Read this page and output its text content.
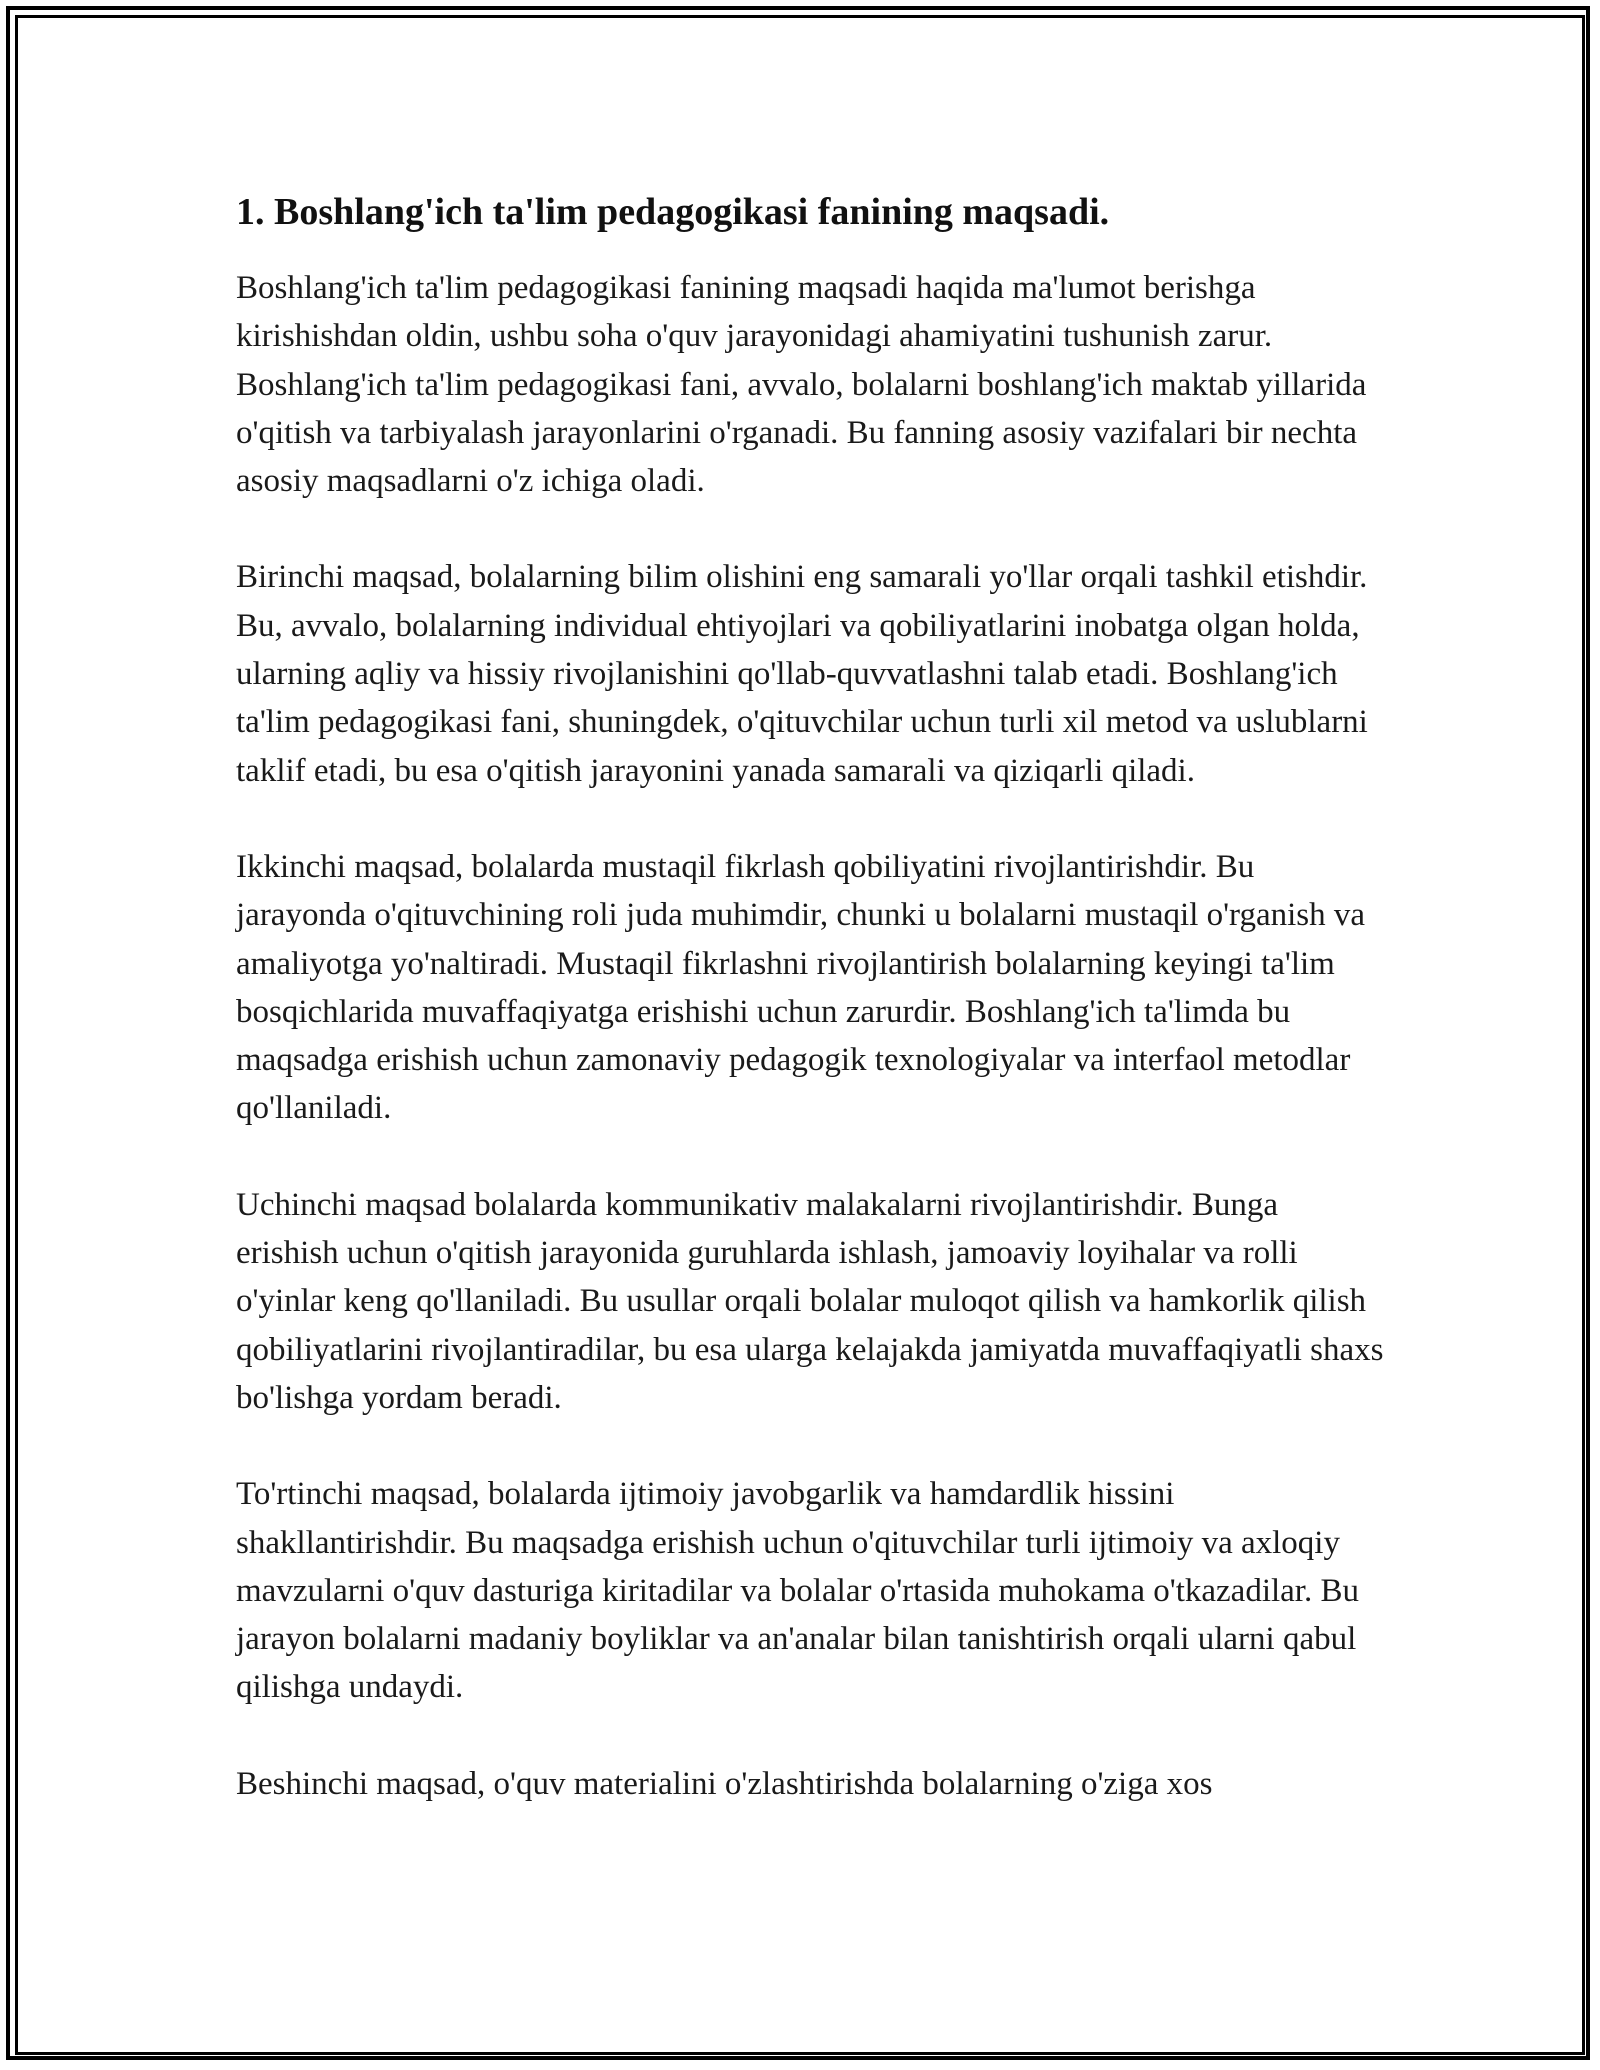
1. Boshlang'ich ta'lim pedagogikasi fanining maqsadi.

Boshlang'ich ta'lim pedagogikasi fanining maqsadi haqida ma'lumot berishga kirishishdan oldin, ushbu soha o'quv jarayonidagi ahamiyatini tushunish zarur. Boshlang'ich ta'lim pedagogikasi fani, avvalo, bolalarni boshlang'ich maktab yillarida o'qitish va tarbiyalash jarayonlarini o'rganadi. Bu fanning asosiy vazifalari bir nechta asosiy maqsadlarni o'z ichiga oladi.

Birinchi maqsad, bolalarning bilim olishini eng samarali yo'llar orqali tashkil etishdir. Bu, avvalo, bolalarning individual ehtiyojlari va qobiliyatlarini inobatga olgan holda, ularning aqliy va hissiy rivojlanishini qo'llab-quvvatlashni talab etadi. Boshlang'ich ta'lim pedagogikasi fani, shuningdek, o'qituvchilar uchun turli xil metod va uslublarni taklif etadi, bu esa o'qitish jarayonini yanada samarali va qiziqarli qiladi.

Ikkinchi maqsad, bolalarda mustaqil fikrlash qobiliyatini rivojlantirishdir. Bu jarayonda o'qituvchining roli juda muhimdir, chunki u bolalarni mustaqil o'rganish va amaliyotga yo'naltiradi. Mustaqil fikrlashni rivojlantirish bolalarning keyingi ta'lim bosqichlarida muvaffaqiyatga erishishi uchun zarurdir. Boshlang'ich ta'limda bu maqsadga erishish uchun zamonaviy pedagogik texnologiyalar va interfaol metodlar qo'llaniladi.

Uchinchi maqsad bolalarda kommunikativ malakalarni rivojlantirishdir. Bunga erishish uchun o'qitish jarayonida guruhlarda ishlash, jamoaviy loyihalar va rolli o'yinlar keng qo'llaniladi. Bu usullar orqali bolalar muloqot qilish va hamkorlik qilish qobiliyatlarini rivojlantiradilar, bu esa ularga kelajakda jamiyatda muvaffaqiyatli shaxs bo'lishga yordam beradi.

To'rtinchi maqsad, bolalarda ijtimoiy javobgarlik va hamdardlik hissini shakllantirishdir. Bu maqsadga erishish uchun o'qituvchilar turli ijtimoiy va axloqiy mavzularni o'quv dasturiga kiritadilar va bolalar o'rtasida muhokama o'tkazadilar. Bu jarayon bolalarni madaniy boyliklar va an'analar bilan tanishtirish orqali ularni qabul qilishga undaydi.

Beshinchi maqsad, o'quv materialini o'zlashtirishda bolalarning o'ziga xos
